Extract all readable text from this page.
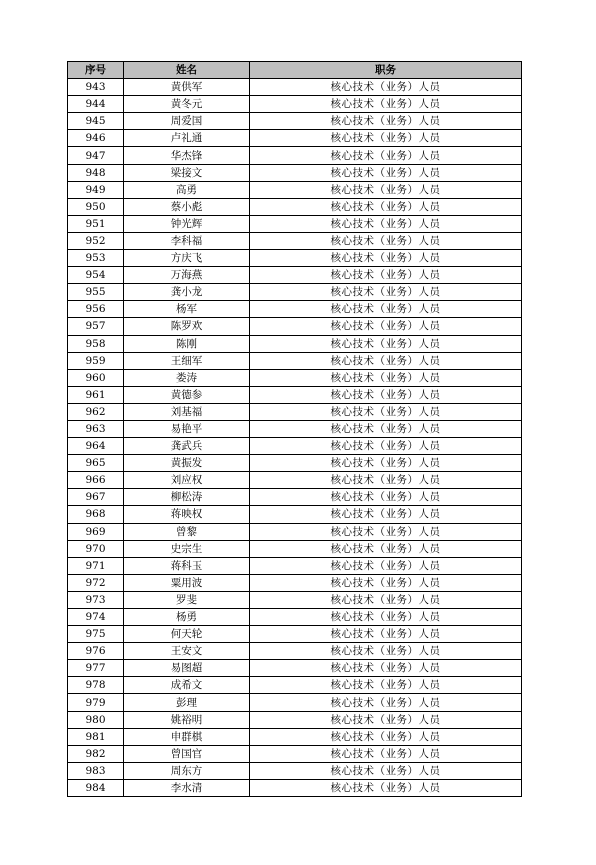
序号	姓名	职务
943	黄供军	核心技术（业务）人员
944	黄冬元	核心技术（业务）人员
945	周爱国	核心技术（业务）人员
946	卢礼通	核心技术（业务）人员
947	华杰锋	核心技术（业务）人员
948	梁接文	核心技术（业务）人员
949	高勇	核心技术（业务）人员
950	蔡小彪	核心技术（业务）人员
951	钟光辉	核心技术（业务）人员
952	李科福	核心技术（业务）人员
953	方庆飞	核心技术（业务）人员
954	万海燕	核心技术（业务）人员
955	龚小龙	核心技术（业务）人员
956	杨军	核心技术（业务）人员
957	陈罗欢	核心技术（业务）人员
958	陈刚	核心技术（业务）人员
959	王细军	核心技术（业务）人员
960	娄涛	核心技术（业务）人员
961	黄德参	核心技术（业务）人员
962	刘基福	核心技术（业务）人员
963	易艳平	核心技术（业务）人员
964	龚武兵	核心技术（业务）人员
965	黄振发	核心技术（业务）人员
966	刘应权	核心技术（业务）人员
967	柳松涛	核心技术（业务）人员
968	蒋映权	核心技术（业务）人员
969	曾黎	核心技术（业务）人员
970	史宗生	核心技术（业务）人员
971	蒋科玉	核心技术（业务）人员
972	粟用波	核心技术（业务）人员
973	罗斐	核心技术（业务）人员
974	杨勇	核心技术（业务）人员
975	何天轮	核心技术（业务）人员
976	王安文	核心技术（业务）人员
977	易图超	核心技术（业务）人员
978	成希文	核心技术（业务）人员
979	彭理	核心技术（业务）人员
980	姚裕明	核心技术（业务）人员
981	申群棋	核心技术（业务）人员
982	曾国官	核心技术（业务）人员
983	周东方	核心技术（业务）人员
984	李水清	核心技术（业务）人员
